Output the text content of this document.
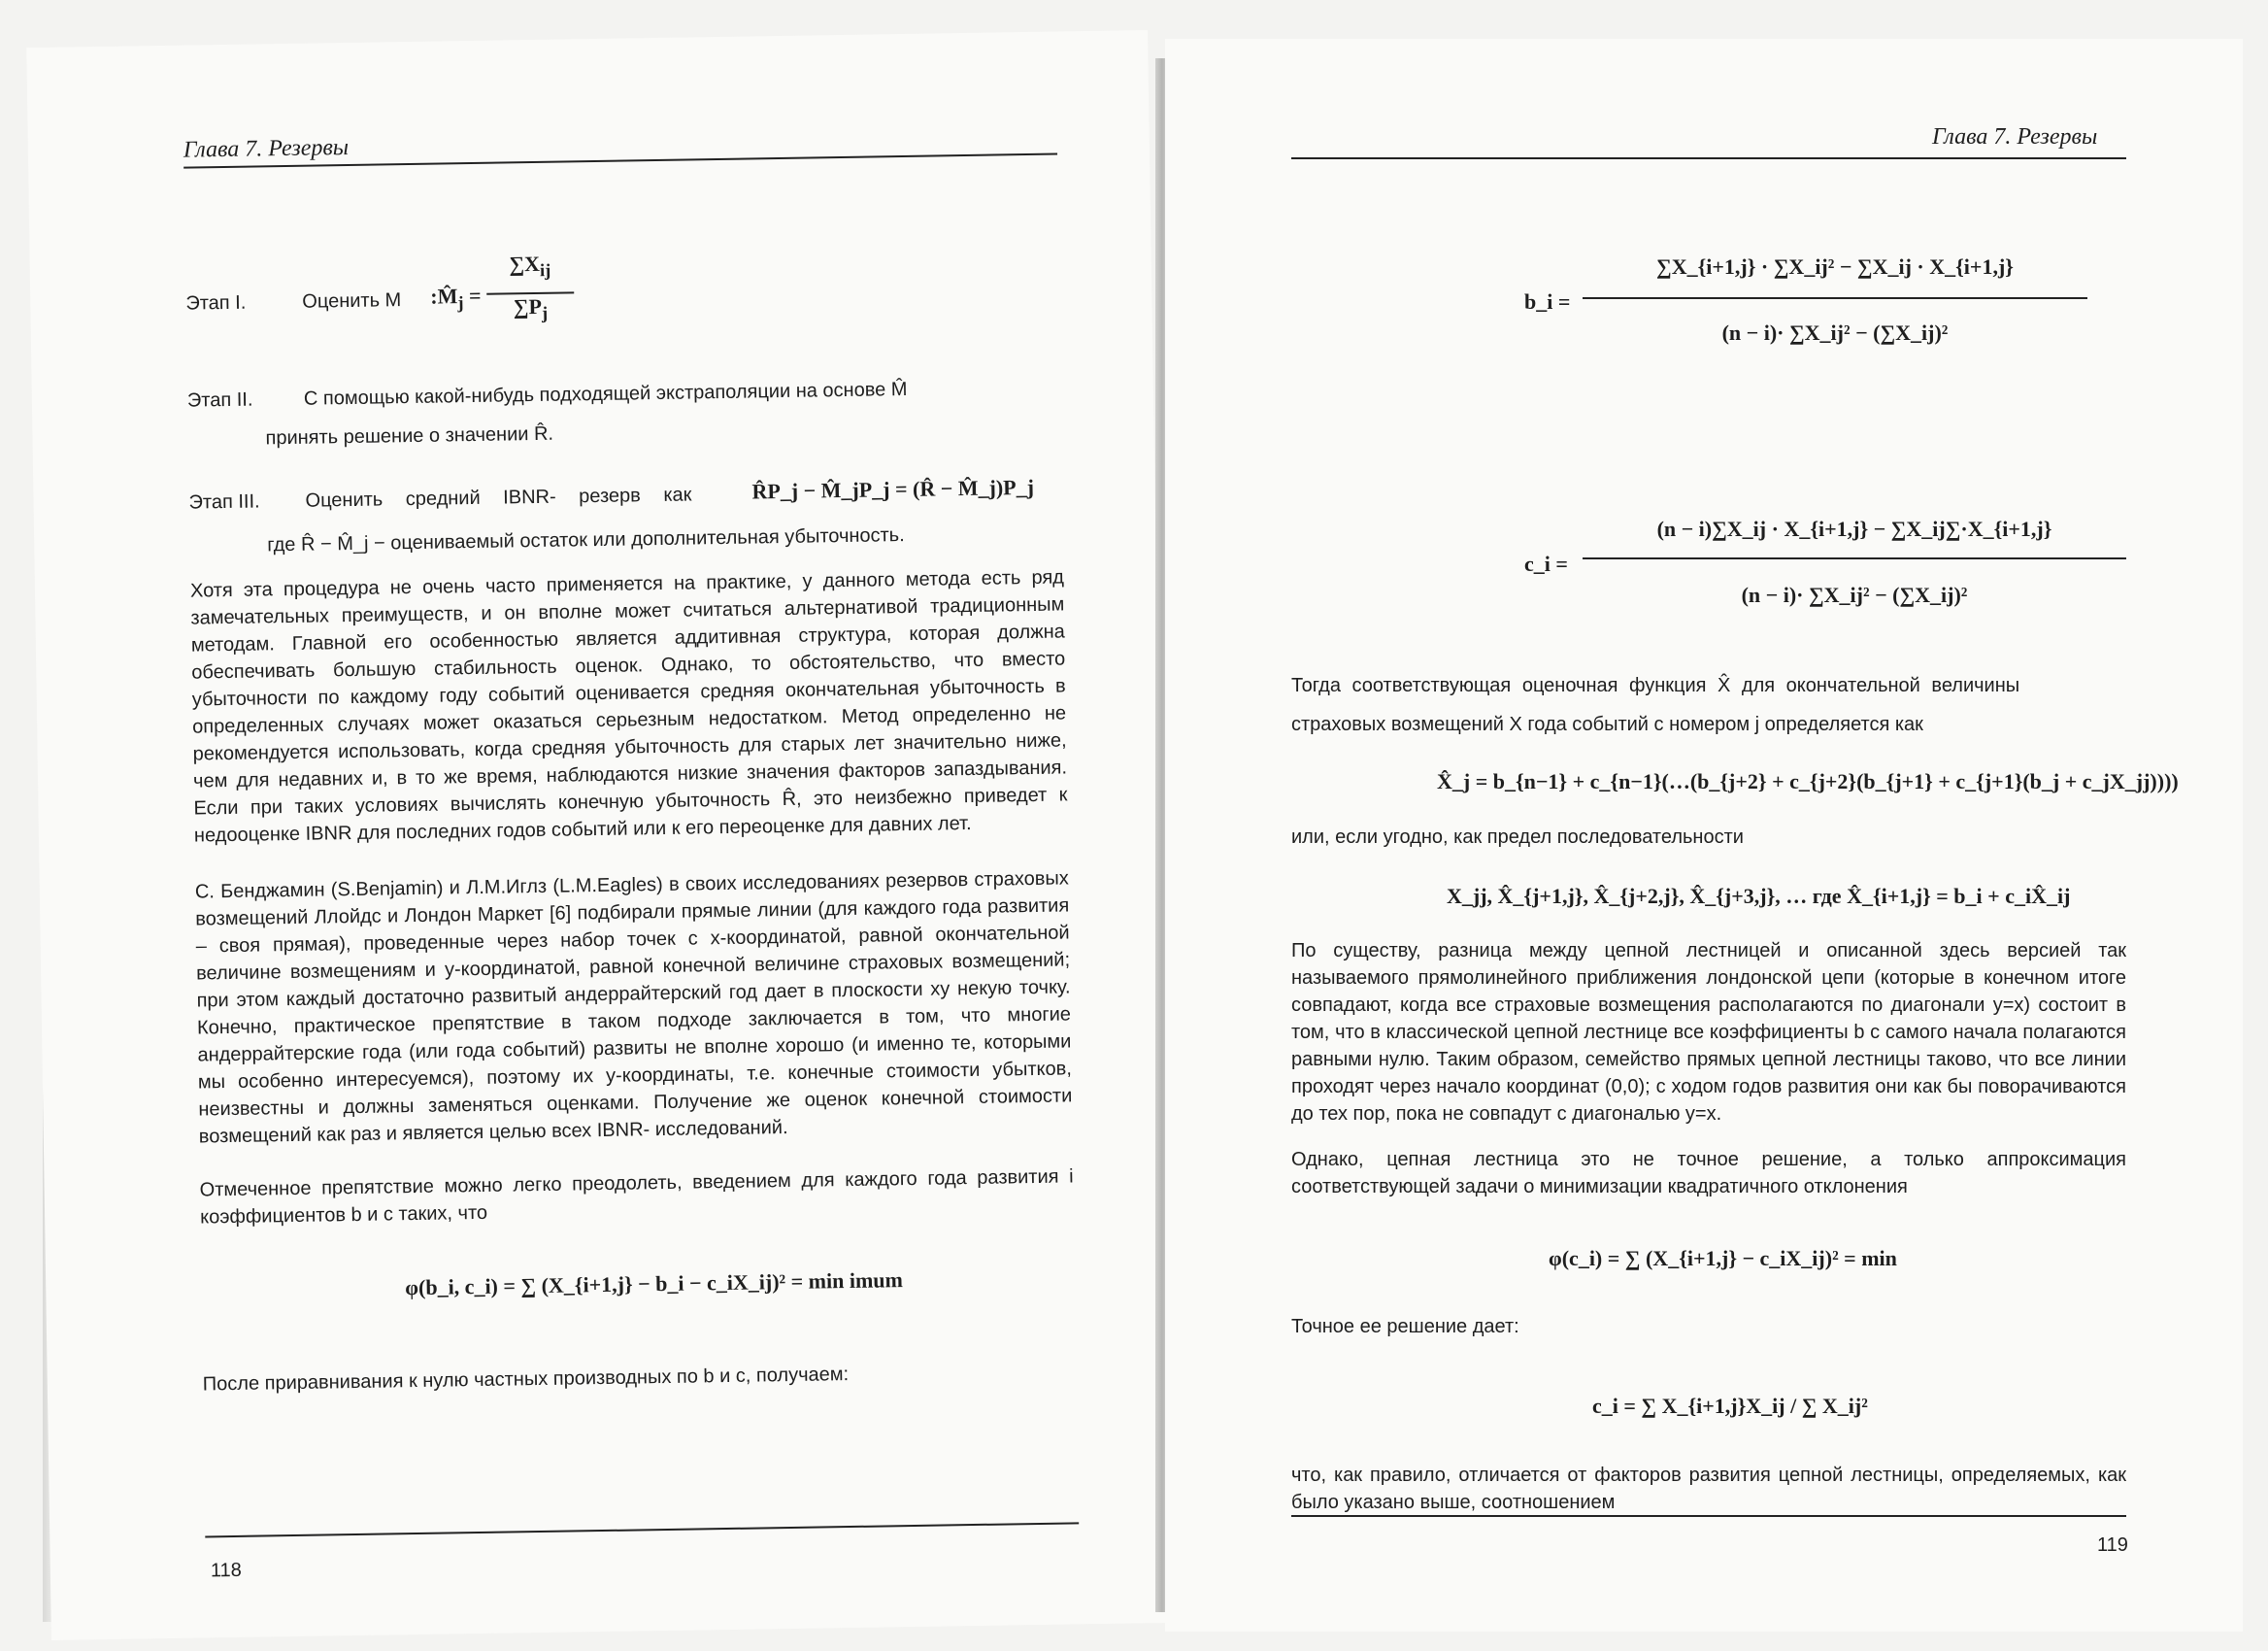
Глава 7. Резервы
Этап I.	Оценить M $:M̂_j$ =
$\sum X_{ij}$
$\sum P_j$
Этап II.	С помощью какой-нибудь подходящей экстраполяции на основе M̂
принять решение о значении R̂.
Этап III. Оценить средний IBNR- резерв как	R̂P_j − M̂_jP_j = (R̂ − M̂_j)P_j
где R̂ − M̂_j − оцениваемый остаток или дополнительная убыточность.
Хотя эта процедура не очень часто применяется на практике, у данного метода есть ряд замечательных преимуществ, и он вполне может считаться альтернативой традиционным методам. Главной его особенностью является аддитивная структура, которая должна обеспечивать большую стабильность оценок. Однако, то обстоятельство, что вместо убыточности по каждому году событий оценивается средняя окончательная убыточность в определенных случаях может оказаться серьезным недостатком. Метод определенно не рекомендуется использовать, когда средняя убыточность для старых лет значительно ниже, чем для недавних и, в то же время, наблюдаются низкие значения факторов запаздывания. Если при таких условиях вычислять конечную убыточность R̂, это неизбежно приведет к недооценке IBNR для последних годов событий или к его переоценке для давних лет.
С. Бенджамин (S.Benjamin) и Л.М.Иглз (L.M.Eagles) в своих исследованиях резервов страховых возмещений Ллойдс и Лондон Маркет [6] подбирали прямые линии (для каждого года развития – своя прямая), проведенные через набор точек с x-координатой, равной окончательной величине возмещениям и y-координатой, равной конечной величине страховых возмещений; при этом каждый достаточно развитый андеррайтерский год дает в плоскости xy некую точку. Конечно, практическое препятствие в таком подходе заключается в том, что многие андеррайтерские года (или года событий) развиты не вполне хорошо (и именно те, которыми мы особенно интересуемся), поэтому их y-координаты, т.е. конечные стоимости убытков, неизвестны и должны заменяться оценками. Получение же оценок конечной стоимости возмещений как раз и является целью всех IBNR- исследований.
Отмеченное препятствие можно легко преодолеть, введением для каждого года развития i коэффициентов b и c таких, что
φ(b_i, c_i) = ∑ (X_{i+1,j} − b_i − c_iX_ij)² = min imum
После приравнивания к нулю частных производных по b и c, получаем:
118
Глава 7. Резервы
b_i =
∑X_{i+1,j} · ∑X_ij² − ∑X_ij · X_{i+1,j}
(n − i)· ∑X_ij² − (∑X_ij)²
c_i =
(n − i)∑X_ij · X_{i+1,j} − ∑X_ij∑·X_{i+1,j}
(n − i)· ∑X_ij² − (∑X_ij)²
Тогда соответствующая оценочная функция X̂ для окончательной величины
страховых возмещений X года событий с номером j определяется как
X̂_j = b_{n−1} + c_{n−1}(…(b_{j+2} + c_{j+2}(b_{j+1} + c_{j+1}(b_j + c_jX_jj))))
или, если угодно, как предел последовательности
X_jj, X̂_{j+1,j}, X̂_{j+2,j}, X̂_{j+3,j}, … где X̂_{i+1,j} = b_i + c_iX̂_ij
По существу, разница между цепной лестницей и описанной здесь версией так называемого прямолинейного приближения лондонской цепи (которые в конечном итоге совпадают, когда все страховые возмещения располагаются по диагонали y=x) состоит в том, что в классической цепной лестнице все коэффициенты b с самого начала полагаются равными нулю. Таким образом, семейство прямых цепной лестницы таково, что все линии проходят через начало координат (0,0); с ходом годов развития они как бы поворачиваются до тех пор, пока не совпадут с диагональю y=x.
Однако, цепная лестница это не точное решение, а только аппроксимация соответствующей задачи о минимизации квадратичного отклонения
φ(c_i) = ∑ (X_{i+1,j} − c_iX_ij)² = min
Точное ее решение дает:
c_i = ∑ X_{i+1,j}X_ij / ∑ X_ij²
что, как правило, отличается от факторов развития цепной лестницы, определяемых, как было указано выше, соотношением
119
